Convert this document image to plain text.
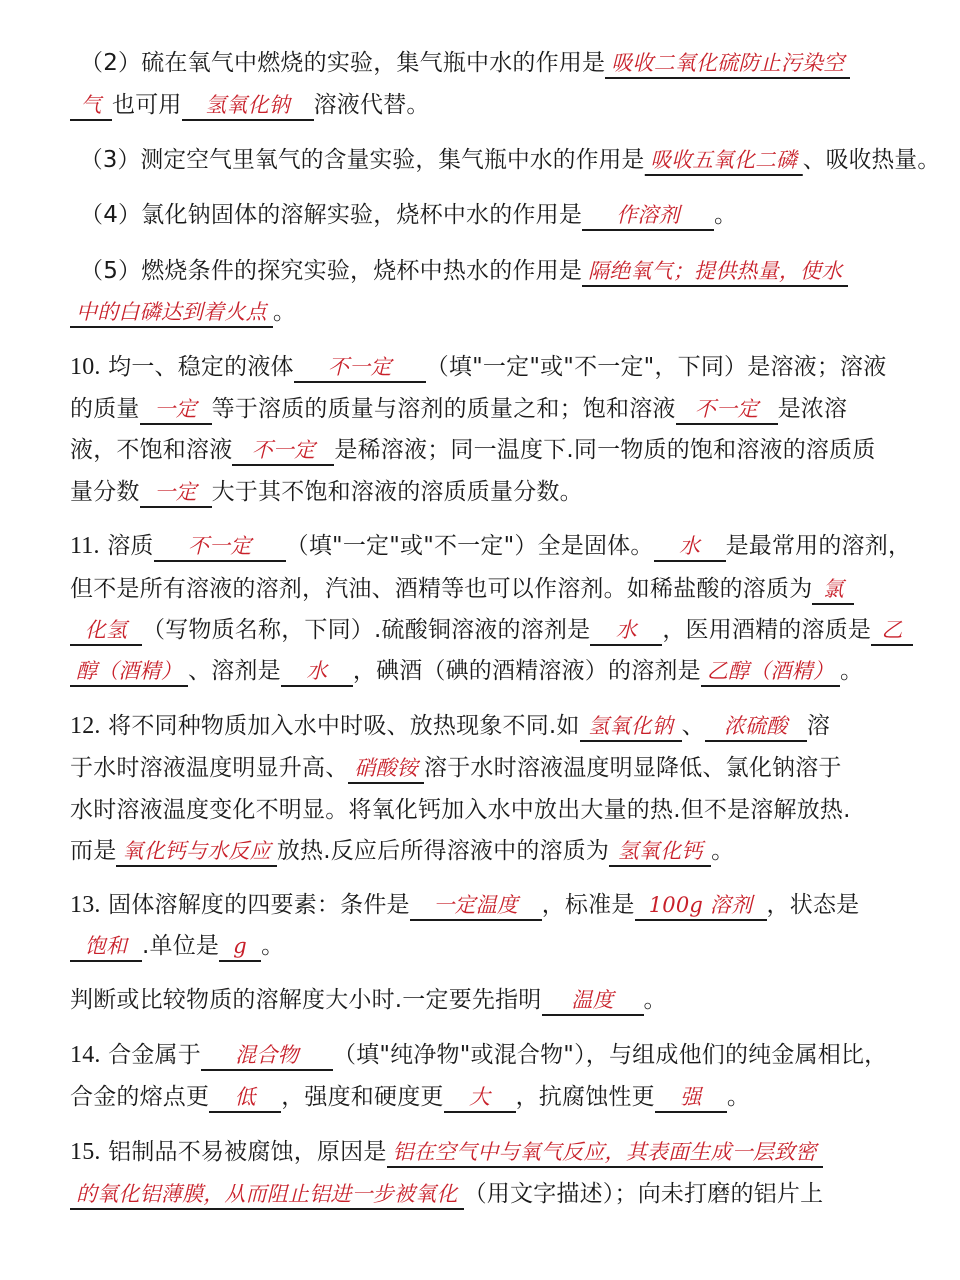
（2）硫在氧气中燃烧的实验，集气瓶中水的作用是 吸收二氧化硫防止污染空
气 也可用 氢氧化钠 溶液代替。
（3）测定空气里氧气的含量实验，集气瓶中水的作用是 吸收五氧化二磷 、吸收热量。
（4）氯化钠固体的溶解实验，烧杯中水的作用是 作溶剂 。
（5）燃烧条件的探究实验，烧杯中热水的作用是 隔绝氧气；提供热量，使水
中的白磷达到着火点 。
10. 均一、稳定的液体 不一定 （填"一定"或"不一定"，下同）是溶液；溶液
的质量 一定 等于溶质的质量与溶剂的质量之和；饱和溶液 不一定 是浓溶
液，不饱和溶液 不一定 是稀溶液；同一温度下.同一物质的饱和溶液的溶质质
量分数 一定 大于其不饱和溶液的溶质质量分数。
11. 溶质 不一定 （填"一定"或"不一定"）全是固体。 水 是最常用的溶剂，
但不是所有溶液的溶剂，汽油、酒精等也可以作溶剂。如稀盐酸的溶质为 氯
化氢 （写物质名称，下同）.硫酸铜溶液的溶剂是 水 ，医用酒精的溶质是 乙
醇（酒精） 、溶剂是 水 ，碘酒（碘的酒精溶液）的溶剂是 乙醇（酒精） 。
12. 将不同种物质加入水中时吸、放热现象不同.如 氢氧化钠 、 浓硫酸 溶
于水时溶液温度明显升高、 硝酸铵 溶于水时溶液温度明显降低、氯化钠溶于
水时溶液温度变化不明显。将氧化钙加入水中放出大量的热.但不是溶解放热.
而是 氧化钙与水反应 放热.反应后所得溶液中的溶质为 氢氧化钙 。
13. 固体溶解度的四要素：条件是 一定温度 ，标准是 100g 溶剂 ，状态是
饱和 .单位是 g 。
判断或比较物质的溶解度大小时.一定要先指明 温度 。
14. 合金属于 混合物 （填"纯净物"或混合物"），与组成他们的纯金属相比，
合金的熔点更 低 ，强度和硬度更 大 ，抗腐蚀性更 强 。
15. 铝制品不易被腐蚀，原因是 铝在空气中与氧气反应，其表面生成一层致密
的氧化铝薄膜，从而阻止铝进一步被氧化 （用文字描述）；向未打磨的铝片上
